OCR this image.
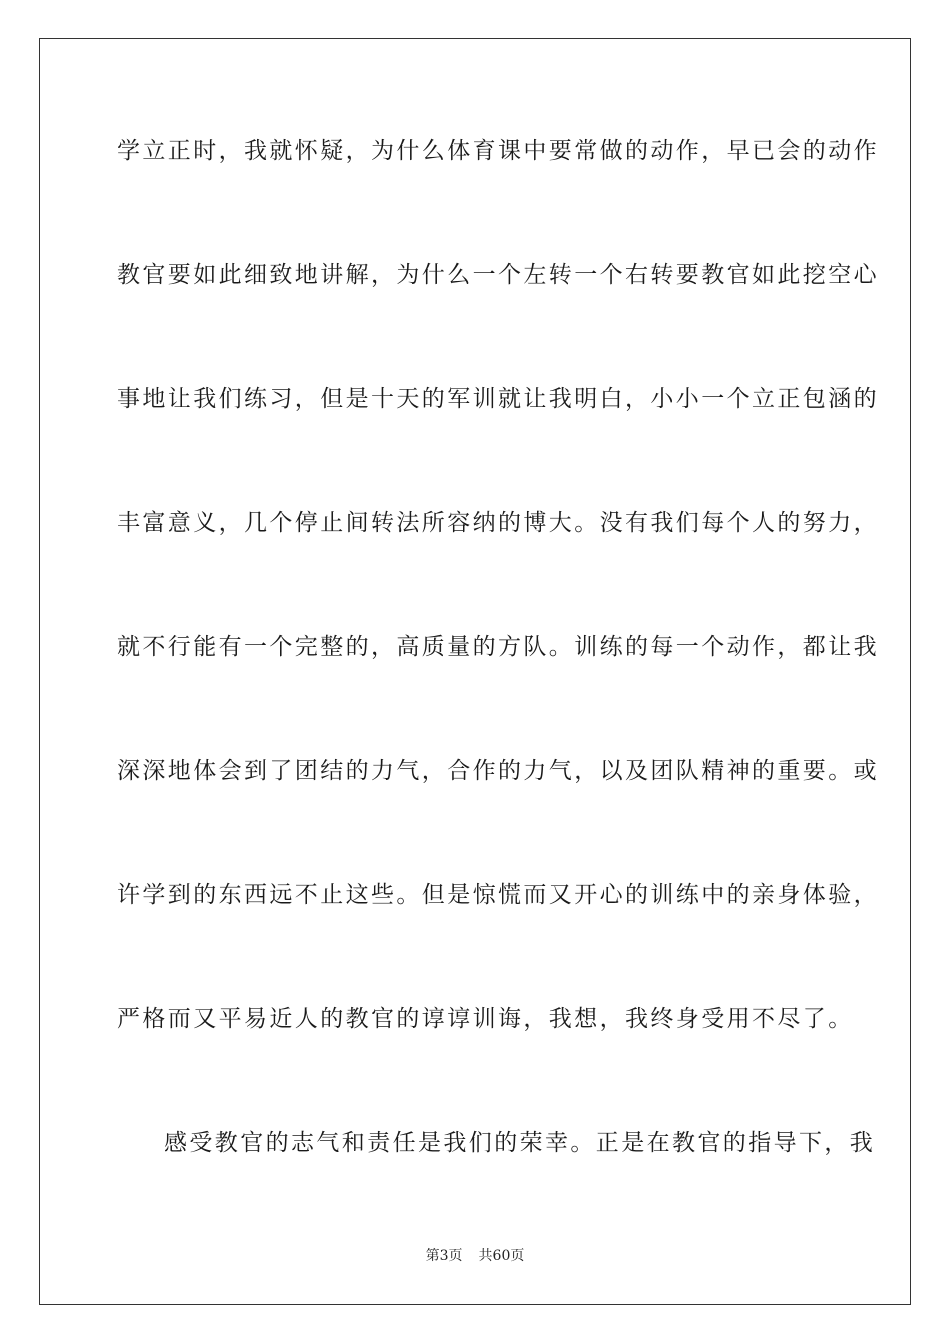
学立正时，我就怀疑，为什么体育课中要常做的动作，早已会的动作
教官要如此细致地讲解，为什么一个左转一个右转要教官如此挖空心
事地让我们练习，但是十天的军训就让我明白，小小一个立正包涵的
丰富意义，几个停止间转法所容纳的博大。没有我们每个人的努力，
就不行能有一个完整的，高质量的方队。训练的每一个动作，都让我
深深地体会到了团结的力气，合作的力气，以及团队精神的重要。或
许学到的东西远不止这些。但是惊慌而又开心的训练中的亲身体验，
严格而又平易近人的教官的谆谆训诲，我想，我终身受用不尽了。
感受教官的志气和责任是我们的荣幸。正是在教官的指导下，我
第3页 共60页
